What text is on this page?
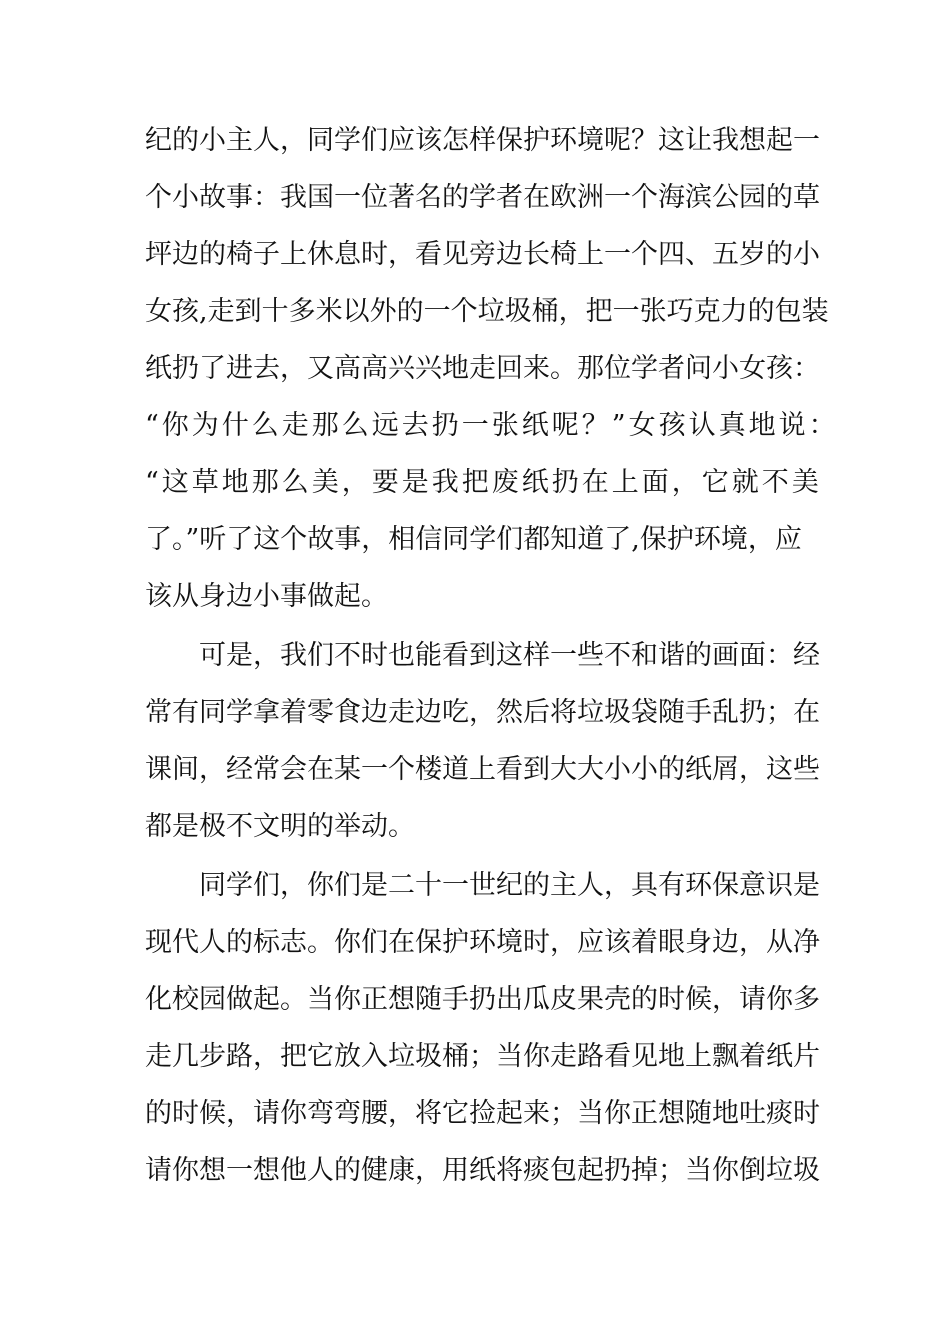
纪的小主人，同学们应该怎样保护环境呢？这让我想起一
个小故事：我国一位著名的学者在欧洲一个海滨公园的草
坪边的椅子上休息时，看见旁边长椅上一个四、五岁的小
女孩,走到十多米以外的一个垃圾桶，把一张巧克力的包装
纸扔了进去，又高高兴兴地走回来。那位学者问小女孩：
“你为什么走那么远去扔一张纸呢？”女孩认真地说：
“这草地那么美，要是我把废纸扔在上面，它就不美
了。”听了这个故事，相信同学们都知道了,保护环境，应
该从身边小事做起。
可是，我们不时也能看到这样一些不和谐的画面：经
常有同学拿着零食边走边吃，然后将垃圾袋随手乱扔；在
课间，经常会在某一个楼道上看到大大小小的纸屑，这些
都是极不文明的举动。
同学们，你们是二十一世纪的主人，具有环保意识是
现代人的标志。你们在保护环境时，应该着眼身边，从净
化校园做起。当你正想随手扔出瓜皮果壳的时候，请你多
走几步路，把它放入垃圾桶；当你走路看见地上飘着纸片
的时候，请你弯弯腰，将它捡起来；当你正想随地吐痰时
请你想一想他人的健康，用纸将痰包起扔掉；当你倒垃圾
